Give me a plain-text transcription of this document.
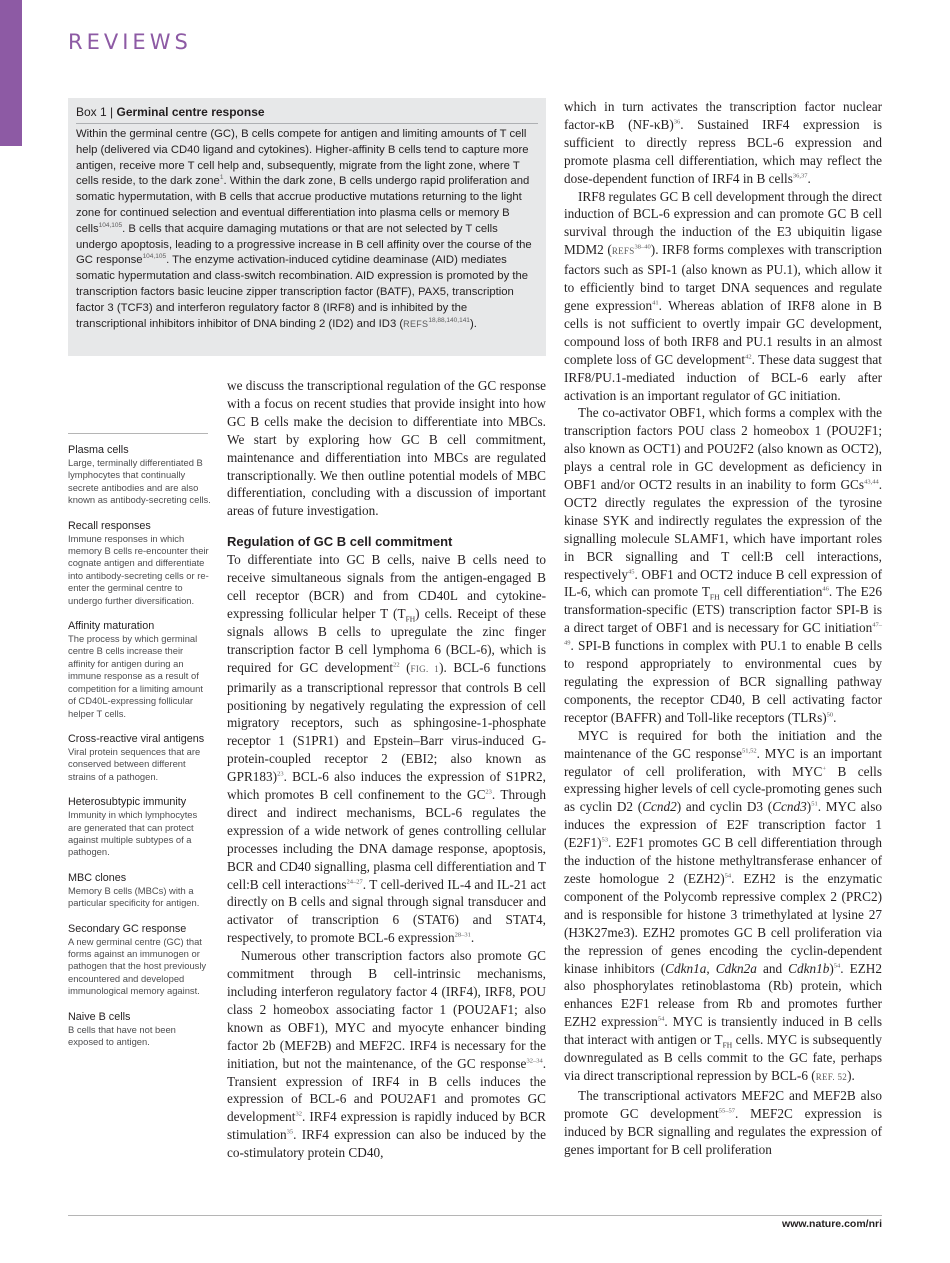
REVIEWS
Box 1 | Germinal centre response

Within the germinal centre (GC), B cells compete for antigen and limiting amounts of T cell help (delivered via CD40 ligand and cytokines). Higher-affinity B cells tend to capture more antigen, receive more T cell help and, subsequently, migrate from the light zone, where T cells reside, to the dark zone$^1$. Within the dark zone, B cells undergo rapid proliferation and somatic hypermutation, with B cells that accrue productive mutations returning to the light zone for continued selection and eventual differentiation into plasma cells or memory B cells$^{104,105}$. B cells that acquire damaging mutations or that are not selected by T cells undergo apoptosis, leading to a progressive increase in B cell affinity over the course of the GC response$^{104,105}$. The enzyme activation-induced cytidine deaminase (AID) mediates somatic hypermutation and class-switch recombination. AID expression is promoted by the transcription factors basic leucine zipper transcription factor (BATF), PAX5, transcription factor 3 (TCF3) and interferon regulatory factor 8 (IRF8) and is inhibited by the transcriptional inhibitors inhibitor of DNA binding 2 (ID2) and ID3 (REFS$^{18,88,140,141}$).

Plasma cells
Large, terminally differentiated B lymphocytes that continually secrete antibodies and are also known as antibody-secreting cells.
Recall responses
Immune responses in which memory B cells re-encounter their cognate antigen and differentiate into antibody-secreting cells or re-enter the germinal centre to undergo further diversification.
Affinity maturation
The process by which germinal centre B cells increase their affinity for antigen during an immune response as a result of competition for a limiting amount of CD40L-expressing follicular helper T cells.
Cross-reactive viral antigens
Viral protein sequences that are conserved between different strains of a pathogen.
Heterosubtypic immunity
Immunity in which lymphocytes are generated that can protect against multiple subtypes of a pathogen.
MBC clones
Memory B cells (MBCs) with a particular specificity for antigen.
Secondary GC response
A new germinal centre (GC) that forms against an immunogen or pathogen that the host previously encountered and developed immunological memory against.
Naive B cells
B cells that have not been exposed to antigen.

we discuss the transcriptional regulation of the GC response with a focus on recent studies that provide insight into how GC B cells make the decision to differentiate into MBCs. We start by exploring how GC B cell commitment, maintenance and differentiation into MBCs are regulated transcriptionally. We then outline potential models of MBC differentiation, concluding with a discussion of important areas of future investigation.

Regulation of GC B cell commitment

To differentiate into GC B cells, naive B cells need to receive simultaneous signals from the antigen-engaged B cell receptor (BCR) and from CD40L and cytokine-expressing follicular helper T $(T_{FH})$ cells. Receipt of these signals allows B cells to upregulate the zinc finger transcription factor B cell lymphoma 6 (BCL-6), which is required for GC development$^{22}$ (FIG. 1). BCL-6 functions primarily as a transcriptional repressor that controls B cell positioning by negatively regulating the expression of cell migratory receptors, such as sphingosine-1-phosphate receptor 1 (S1PR1) and Epstein–Barr virus-induced G-protein-coupled receptor 2 (EBI2; also known as GPR183)$^{23}$. BCL-6 also induces the expression of S1PR2, which promotes B cell confinement to the GC$^{23}$. Through direct and indirect mechanisms, BCL-6 regulates the expression of a wide network of genes controlling cellular processes including the DNA damage response, apoptosis, BCR and CD40 signalling, plasma cell differentiation and T cell:B cell interactions$^{24-27}$. T cell-derived IL-4 and IL-21 act directly on B cells and signal through signal transducer and activator of transcription 6 (STAT6) and STAT4, respectively, to promote BCL-6 expression$^{28-31}$.

Numerous other transcription factors also promote GC commitment through B cell-intrinsic mechanisms, including interferon regulatory factor 4 (IRF4), IRF8, POU class 2 homeobox associating factor 1 (POU2AF1; also known as OBF1), MYC and myocyte enhancer binding factor 2b (MEF2B) and MEF2C. IRF4 is necessary for the initiation, but not the maintenance, of the GC response$^{32-34}$. Transient expression of IRF4 in B cells induces the expression of BCL-6 and POU2AF1 and promotes GC development$^{32}$. IRF4 expression is rapidly induced by BCR stimulation$^{35}$. IRF4 expression can also be induced by the co-stimulatory protein CD40,

which in turn activates the transcription factor nuclear factor-κB $(NF-\kappa B)^{36}$. Sustained IRF4 expression is sufficient to directly repress BCL-6 expression and promote plasma cell differentiation, which may reflect the dose-dependent function of IRF4 in B cells$^{36,37}$.

IRF8 regulates GC B cell development through the direct induction of BCL-6 expression and can promote GC B cell survival through the induction of the E3 ubiquitin ligase MDM2 (REFS$^{38-40}$). IRF8 forms complexes with transcription factors such as SPI-1 (also known as PU.1), which allow it to efficiently bind to target DNA sequences and regulate gene expression$^{41}$. Whereas ablation of IRF8 alone in B cells is not sufficient to overtly impair GC development, compound loss of both IRF8 and PU.1 results in an almost complete loss of GC development$^{42}$. These data suggest that IRF8/PU.1-mediated induction of BCL-6 early after activation is an important regulator of GC initiation.

The co-activator OBF1, which forms a complex with the transcription factors POU class 2 homeobox 1 (POU2F1; also known as OCT1) and POU2F2 (also known as OCT2), plays a central role in GC development as deficiency in OBF1 and/or OCT2 results in an inability to form GCs$^{43,44}$. OCT2 directly regulates the expression of the tyrosine kinase SYK and indirectly regulates the expression of the signalling molecule SLAMF1, which have important roles in BCR signalling and T cell:B cell interactions, respectively$^{45}$. OBF1 and OCT2 induce B cell expression of IL-6, which can promote $T_{FH}$ cell differentiation$^{46}$. The E26 transformation-specific (ETS) transcription factor SPI-B is a direct target of OBF1 and is necessary for GC initiation$^{47-49}$. SPI-B functions in complex with PU.1 to enable B cells to respond appropriately to environmental cues by regulating the expression of BCR signalling pathway components, the receptor CD40, B cell activating factor receptor (BAFFR) and Toll-like receptors (TLRs)$^{50}$.

MYC is required for both the initiation and the maintenance of the GC response$^{51,52}$. MYC is an important regulator of cell proliferation, with MYC+ B cells expressing higher levels of cell cycle-promoting genes such as cyclin D2 (Ccnd2) and cyclin D3 (Ccnd3)$^{51}$. MYC also induces the expression of E2F transcription factor 1 $(E2F1)^{53}$. E2F1 promotes GC B cell differentiation through the induction of the histone methyltransferase enhancer of zeste homologue 2 $(EZH2)^{54}$. EZH2 is the enzymatic component of the Polycomb repressive complex 2 (PRC2) and is responsible for histone 3 trimethylated at lysine 27 (H3K27me3). EZH2 promotes GC B cell proliferation via the repression of genes encoding the cyclin-dependent kinase inhibitors (Cdkn1a, Cdkn2a and Cdkn1b)$^{54}$. EZH2 also phosphorylates retinoblastoma (Rb) protein, which enhances E2F1 release from Rb and promotes further EZH2 expression$^{54}$. MYC is transiently induced in B cells that interact with antigen or $T_{FH}$ cells. MYC is subsequently downregulated as B cells commit to the GC fate, perhaps via direct transcriptional repression by BCL-6 (REF. 52).

The transcriptional activators MEF2C and MEF2B also promote GC development$^{55-57}$. MEF2C expression is induced by BCR signalling and regulates the expression of genes important for B cell proliferation

www.nature.com/nri
